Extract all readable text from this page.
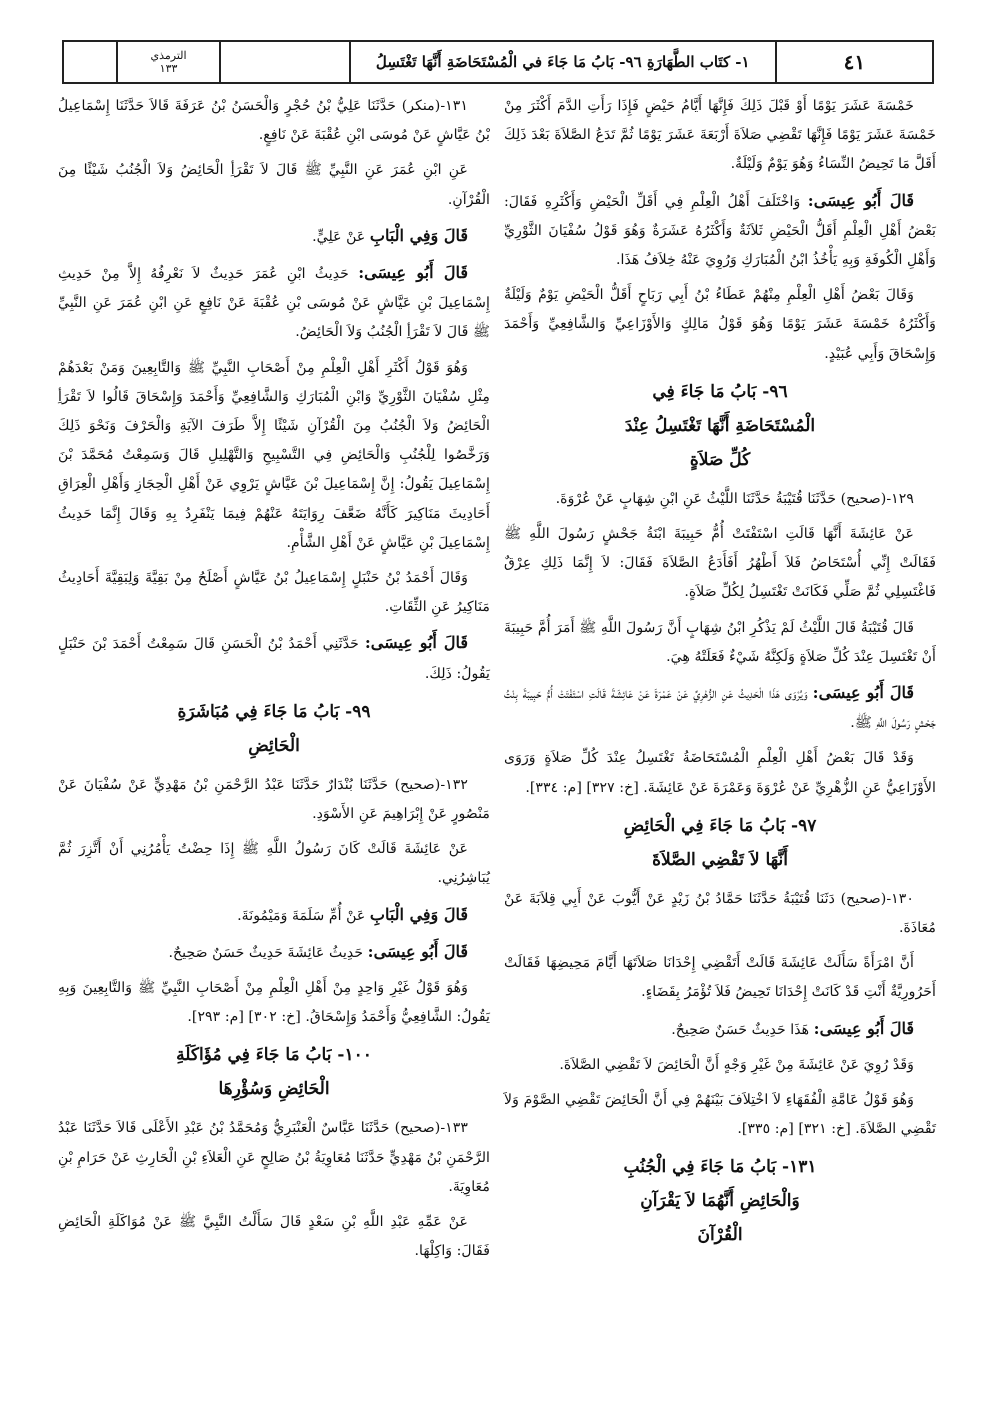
الترمذي
١٣٣	١- كتَاب الطَّهَارَةِ ٩٦- بَابُ مَا جَاءَ في الْمُسْتَحَاضَةِ أَنَّهَا تَغْتَسِلُ	٤١

خَمْسَةَ عَشَرَ يَوْمًا أَوْ قَبْلَ ذَلِكَ فَإِنَّهَا أَيَّامُ حَيْضٍ فَإِذَا رَأَتِ الدَّمَ أَكْثَرَ مِنْ خَمْسَةَ عَشَرَ يَوْمًا فَإِنَّهَا تَقْضِي صَلاَةَ أَرْبَعَةَ عَشَرَ يَوْمًا ثُمَّ تَدَعُ الصَّلاَةَ بَعْدَ ذَلِكَ أَقَلَّ مَا تَحِيضُ النِّسَاءُ وَهُوَ يَوْمٌ وَلَيْلَةٌ.

قَالَ أَبُو عِيسَى: وَاخْتَلَفَ أَهْلُ الْعِلْمِ فِي أَقَلِّ الْحَيْضِ وَأَكْثَرِهِ فَقَالَ: بَعْضُ أَهْلِ الْعِلْمِ أَقَلُّ الْحَيْضِ ثَلاَثَةٌ وَأَكْثَرُهُ عَشَرَةٌ وَهُوَ قَوْلُ سُفْيَانَ الثَّوْرِيِّ وَأَهْلِ الْكُوفَةِ وَبِهِ يَأْخُذُ ابْنُ الْمُبَارَكِ وَرُوِيَ عَنْهُ خِلاَفُ هَذَا.

وَقَالَ بَعْضُ أَهْلِ الْعِلْمِ مِنْهُمْ عَطَاءُ بْنُ أَبِي رَبَاحٍ أَقَلُّ الْحَيْضِ يَوْمٌ وَلَيْلَةٌ وَأَكْثَرُهُ خَمْسَةَ عَشَرَ يَوْمًا وَهُوَ قَوْلُ مَالِكٍ وَالأَوْزَاعِيِّ وَالشَّافِعِيِّ وَأَحْمَدَ وَإِسْحَاقَ وَأَبِي عُبَيْدٍ.

٩٦- بَابُ مَا جَاءَ فِي
الْمُسْتَحَاضَةِ أَنَّهَا تَغْتَسِلُ عِنْدَ
كُلِّ صَلاَةٍ

١٢٩-(صحيح) حَدَّثَنَا قُتَيْبَةُ حَدَّثَنَا اللَّيْثُ عَنِ ابْنِ شِهَابٍ عَنْ عُرْوَةَ.

عَنْ عَائِشَةَ أَنَّهَا قَالَتِ اسْتَفْتَتْ أُمُّ حَبِيبَةَ ابْنَةُ جَحْشٍ رَسُولَ اللَّهِ ﷺ فَقَالَتْ إِنِّي أُسْتَحَاضُ فَلاَ أَطْهُرُ أَفَأَدَعُ الصَّلاَةَ فَقَالَ: لاَ إِنَّمَا ذَلِكِ عِرْقٌ فَاغْتَسِلِي ثُمَّ صَلِّي فَكَانَتْ تَغْتَسِلُ لِكُلِّ صَلاَةٍ.

قَالَ قُتَيْبَةُ قَالَ اللَّيْثُ لَمْ يَذْكُرِ ابْنُ شِهَابٍ أَنَّ رَسُولَ اللَّهِ ﷺ أَمَرَ أُمَّ حَبِيبَةَ أَنْ تَغْتَسِلَ عِنْدَ كُلِّ صَلاَةٍ وَلَكِنَّهُ شَيْءٌ فَعَلَتْهُ هِيَ.

قَالَ أَبُو عِيسَى: وَيُرْوَى هَذَا الْحَدِيثُ عَنِ الزُّهْرِيِّ عَنْ عَمْرَةَ عَنْ عَائِشَةَ قَالَتِ اسْتَفْتَتْ أُمُّ حَبِيبَةَ بِنْتُ جَحْشٍ رَسُولَ اللَّهِ ﷺ.

وَقَدْ قَالَ بَعْضُ أَهْلِ الْعِلْمِ الْمُسْتَحَاضَةُ تَغْتَسِلُ عِنْدَ كُلِّ صَلاَةٍ وَرَوَى الأَوْزَاعِيُّ عَنِ الزُّهْرِيِّ عَنْ عُرْوَةَ وَعَمْرَةَ عَنْ عَائِشَةَ. [خ: ٣٢٧] [م: ٣٣٤].

٩٧- بَابُ مَا جَاءَ فِي الْحَائِضِ
أَنَّهَا لاَ تَقْضِي الصَّلاَةَ

١٣٠-(صحيح) دَثَنَا قُتَيْبَةُ حَدَّثَنَا حَمَّادُ بْنُ زَيْدٍ عَنْ أَيُّوبَ عَنْ أَبِي قِلاَبَةَ عَنْ مُعَاذَةَ.

أَنَّ امْرَأَةً سَأَلَتْ عَائِشَةَ قَالَتْ أَتَقْضِي إِحْدَانَا صَلاَتَهَا أَيَّامَ مَحِيضِهَا فَقَالَتْ أَحَرُورِيَّةٌ أَنْتِ قَدْ كَانَتْ إِحْدَانَا تَحِيضُ فَلاَ تُؤْمَرُ بِقَضَاءٍ.

قَالَ أَبُو عِيسَى: هَذَا حَدِيثٌ حَسَنٌ صَحِيحٌ.

وَقَدْ رُوِيَ عَنْ عَائِشَةَ مِنْ غَيْرِ وَجْهٍ أَنَّ الْحَائِضَ لاَ تَقْضِي الصَّلاَةَ.

وَهُوَ قَوْلُ عَامَّةِ الْفُقَهَاءِ لاَ اخْتِلاَفَ بَيْنَهُمْ فِي أَنَّ الْحَائِضَ تَقْضِي الصَّوْمَ وَلاَ تَقْضِي الصَّلاَةَ. [خ: ٣٢١] [م: ٣٣٥].

١٣١- بَابُ مَا جَاءَ فِي الْجُنُبِ
وَالْحَائِضِ أَنَّهُمَا لاَ يَقْرَآنِ
الْقُرْآنَ

١٣١-(منكر) حَدَّثَنَا عَلِيُّ بْنُ حُجْرٍ وَالْحَسَنُ بْنُ عَرَفَةَ قَالاَ حَدَّثَنَا إِسْمَاعِيلُ بْنُ عَيَّاشٍ عَنْ مُوسَى ابْنِ عُقْبَةَ عَنْ نَافِعٍ.

عَنِ ابْنِ عُمَرَ عَنِ النَّبِيِّ ﷺ قَالَ لاَ تَقْرَأِ الْحَائِضُ وَلاَ الْجُنُبُ شَيْئًا مِنَ الْقُرْآنِ.

قَالَ وَفِي الْبَابِ عَنْ عَلِيٍّ.

قَالَ أَبُو عِيسَى: حَدِيثُ ابْنِ عُمَرَ حَدِيثٌ لاَ نَعْرِفُهُ إِلاَّ مِنْ حَدِيثِ إِسْمَاعِيلَ بْنِ عَيَّاشٍ عَنْ مُوسَى بْنِ عُقْبَةَ عَنْ نَافِعٍ عَنِ ابْنِ عُمَرَ عَنِ النَّبِيِّ ﷺ قَالَ لاَ تَقْرَأِ الْجُنُبُ وَلاَ الْحَائِضُ.

وَهُوَ قَوْلُ أَكْثَرِ أَهْلِ الْعِلْمِ مِنْ أَصْحَابِ النَّبِيِّ ﷺ وَالتَّابِعِينَ وَمَنْ بَعْدَهُمْ مِثْلِ سُفْيَانَ الثَّوْرِيِّ وَابْنِ الْمُبَارَكِ وَالشَّافِعِيِّ وَأَحْمَدَ وَإِسْحَاقَ قَالُوا لاَ تَقْرَأِ الْحَائِضُ وَلاَ الْجُنُبُ مِنَ الْقُرْآنِ شَيْئًا إِلاَّ طَرَفَ الآيَةِ وَالْحَرْفَ وَنَحْوَ ذَلِكَ وَرَخَّصُوا لِلْجُنُبِ وَالْحَائِضِ فِي التَّسْبِيحِ وَالتَّهْلِيلِ قَالَ وَسَمِعْتُ مُحَمَّدَ بْنَ إِسْمَاعِيلَ يَقُولُ: إِنَّ إِسْمَاعِيلَ بْنَ عَيَّاشٍ يَرْوِي عَنْ أَهْلِ الْحِجَازِ وَأَهْلِ الْعِرَاقِ أَحَادِيثَ مَنَاكِيرَ كَأَنَّهُ ضَعَّفَ رِوَايَتَهُ عَنْهُمْ فِيمَا يَنْفَرِدُ بِهِ وَقَالَ إِنَّمَا حَدِيثُ إِسْمَاعِيلَ بْنِ عَيَّاشٍ عَنْ أَهْلِ الشَّأْمِ.

وَقَالَ أَحْمَدُ بْنُ حَنْبَلٍ إِسْمَاعِيلُ بْنُ عَيَّاشٍ أَصْلَحُ مِنْ بَقِيَّةَ وَلِبَقِيَّةَ أَحَادِيثُ مَنَاكِيرُ عَنِ الثِّقَاتِ.

قَالَ أَبُو عِيسَى: حَدَّثَنِي أَحْمَدُ بْنُ الْحَسَنِ قَالَ سَمِعْتُ أَحْمَدَ بْنَ حَنْبَلٍ يَقُولُ: ذَلِكَ.

٩٩- بَابُ مَا جَاءَ فِي مُبَاشَرَةِ
الْحَائِضِ

١٣٢-(صحيح) حَدَّثَنَا بُنْدَارٌ حَدَّثَنَا عَبْدُ الرَّحْمَنِ بْنُ مَهْدِيٍّ عَنْ سُفْيَانَ عَنْ مَنْصُورٍ عَنْ إِبْرَاهِيمَ عَنِ الأَسْوَدِ.

عَنْ عَائِشَةَ قَالَتْ كَانَ رَسُولُ اللَّهِ ﷺ إِذَا حِضْتُ يَأْمُرُنِي أَنْ أَتَّزِرَ ثُمَّ يُبَاشِرُنِي.

قَالَ وَفِي الْبَابِ عَنْ أُمِّ سَلَمَةَ وَمَيْمُونَةَ.

قَالَ أَبُو عِيسَى: حَدِيثُ عَائِشَةَ حَدِيثٌ حَسَنٌ صَحِيحٌ.

وَهُوَ قَوْلُ غَيْرِ وَاحِدٍ مِنْ أَهْلِ الْعِلْمِ مِنْ أَصْحَابِ النَّبِيِّ ﷺ وَالتَّابِعِينَ وَبِهِ يَقُولُ: الشَّافِعِيُّ وَأَحْمَدُ وَإِسْحَاقُ. [خ: ٣٠٢] [م: ٢٩٣].

١٠٠- بَابُ مَا جَاءَ فِي مُؤَاكَلَةِ
الْحَائِضِ وَسُؤْرِهَا

١٣٣-(صحيح) حَدَّثَنَا عَبَّاسٌ الْعَنْبَرِيُّ وَمُحَمَّدُ بْنُ عَبْدِ الأَعْلَى قَالاَ حَدَّثَنَا عَبْدُ الرَّحْمَنِ بْنُ مَهْدِيٍّ حَدَّثَنَا مُعَاوِيَةُ بْنُ صَالِحٍ عَنِ الْعَلاَءِ بْنِ الْحَارِثِ عَنْ حَرَامِ بْنِ مُعَاوِيَةَ.

عَنْ عَمِّهِ عَبْدِ اللَّهِ بْنِ سَعْدٍ قَالَ سَأَلْتُ النَّبِيَّ ﷺ عَنْ مُوَاكَلَةِ الْحَائِضِ فَقَالَ: وَاكِلْهَا.
